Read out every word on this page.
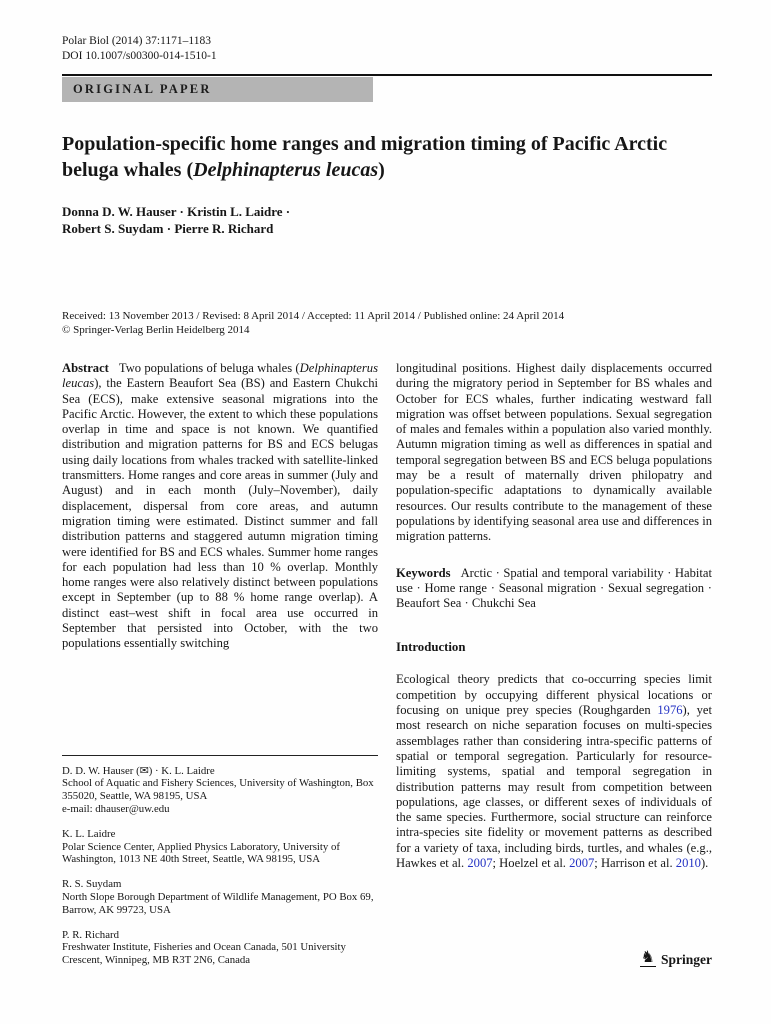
Polar Biol (2014) 37:1171–1183
DOI 10.1007/s00300-014-1510-1
ORIGINAL PAPER
Population-specific home ranges and migration timing of Pacific Arctic beluga whales (Delphinapterus leucas)
Donna D. W. Hauser · Kristin L. Laidre ·
Robert S. Suydam · Pierre R. Richard
Received: 13 November 2013 / Revised: 8 April 2014 / Accepted: 11 April 2014 / Published online: 24 April 2014
© Springer-Verlag Berlin Heidelberg 2014
Abstract Two populations of beluga whales (Delphinapterus leucas), the Eastern Beaufort Sea (BS) and Eastern Chukchi Sea (ECS), make extensive seasonal migrations into the Pacific Arctic. However, the extent to which these populations overlap in time and space is not known. We quantified distribution and migration patterns for BS and ECS belugas using daily locations from whales tracked with satellite-linked transmitters. Home ranges and core areas in summer (July and August) and in each month (July–November), daily displacement, dispersal from core areas, and autumn migration timing were estimated. Distinct summer and fall distribution patterns and staggered autumn migration timing were identified for BS and ECS whales. Summer home ranges for each population had less than 10 % overlap. Monthly home ranges were also relatively distinct between populations except in September (up to 88 % home range overlap). A distinct east–west shift in focal area use occurred in September that persisted into October, with the two populations essentially switching
D. D. W. Hauser (✉) · K. L. Laidre
School of Aquatic and Fishery Sciences, University of Washington, Box 355020, Seattle, WA 98195, USA
e-mail: dhauser@uw.edu
K. L. Laidre
Polar Science Center, Applied Physics Laboratory, University of Washington, 1013 NE 40th Street, Seattle, WA 98195, USA
R. S. Suydam
North Slope Borough Department of Wildlife Management, PO Box 69, Barrow, AK 99723, USA
P. R. Richard
Freshwater Institute, Fisheries and Ocean Canada, 501 University Crescent, Winnipeg, MB R3T 2N6, Canada
longitudinal positions. Highest daily displacements occurred during the migratory period in September for BS whales and October for ECS whales, further indicating westward fall migration was offset between populations. Sexual segregation of males and females within a population also varied monthly. Autumn migration timing as well as differences in spatial and temporal segregation between BS and ECS beluga populations may be a result of maternally driven philopatry and population-specific adaptations to dynamically available resources. Our results contribute to the management of these populations by identifying seasonal area use and differences in migration patterns.
Keywords Arctic · Spatial and temporal variability · Habitat use · Home range · Seasonal migration · Sexual segregation · Beaufort Sea · Chukchi Sea
Introduction
Ecological theory predicts that co-occurring species limit competition by occupying different physical locations or focusing on unique prey species (Roughgarden 1976), yet most research on niche separation focuses on multi-species assemblages rather than considering intra-specific patterns of spatial or temporal segregation. Particularly for resource-limiting systems, spatial and temporal segregation in distribution patterns may result from competition between populations, age classes, or different sexes of individuals of the same species. Furthermore, social structure can reinforce intra-species site fidelity or movement patterns as described for a variety of taxa, including birds, turtles, and whales (e.g., Hawkes et al. 2007; Hoelzel et al. 2007; Harrison et al. 2010).
♞ Springer
